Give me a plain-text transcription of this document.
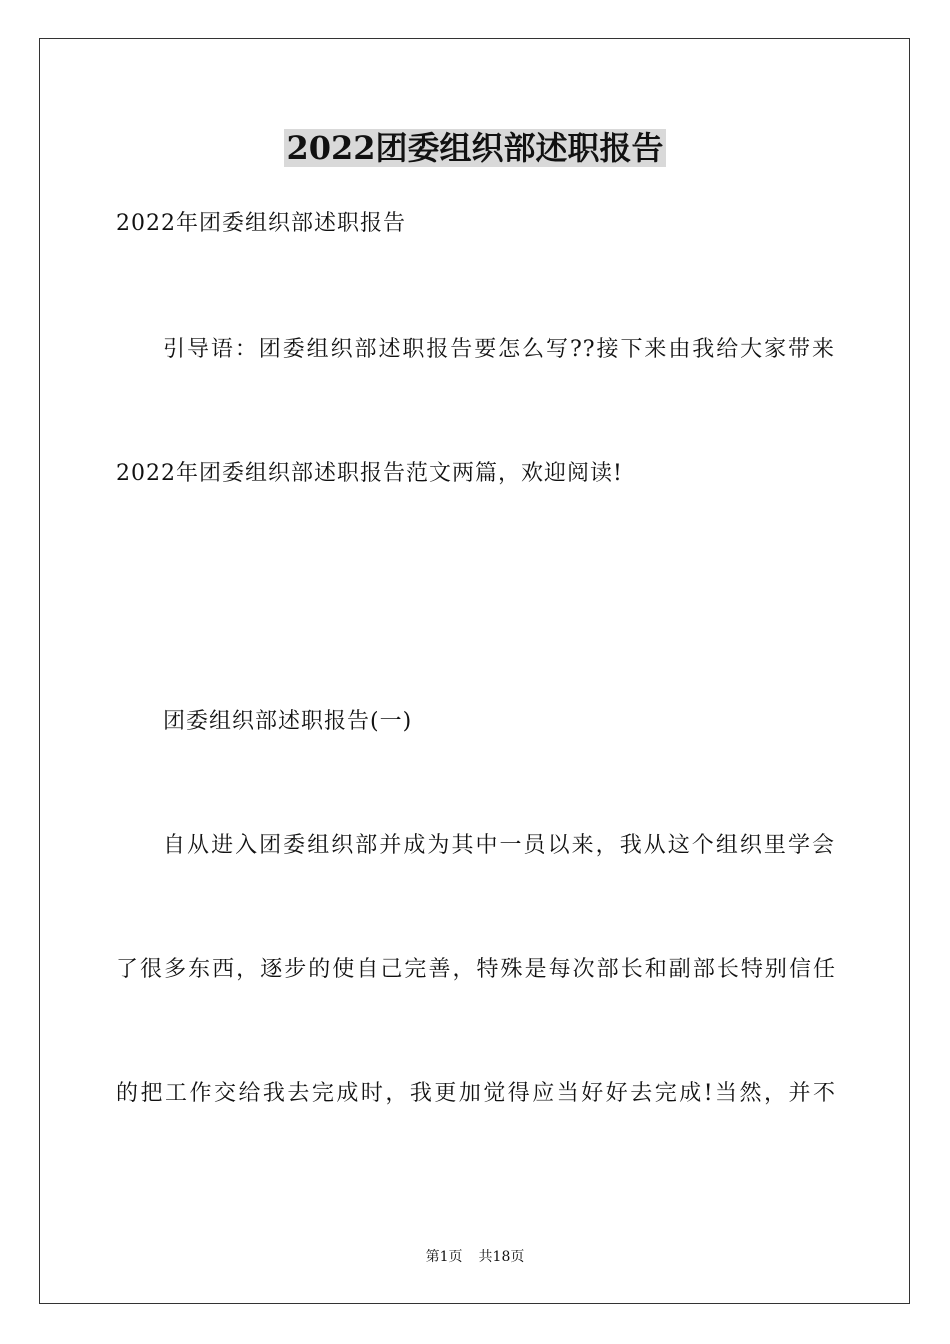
2022团委组织部述职报告
2022年团委组织部述职报告
引导语：团委组织部述职报告要怎么写??接下来由我给大家带来
2022年团委组织部述职报告范文两篇，欢迎阅读!
团委组织部述职报告(一)
自从进入团委组织部并成为其中一员以来，我从这个组织里学会
了很多东西，逐步的使自己完善，特殊是每次部长和副部长特别信任
的把工作交给我去完成时，我更加觉得应当好好去完成!当然，并不
第1页 共18页
